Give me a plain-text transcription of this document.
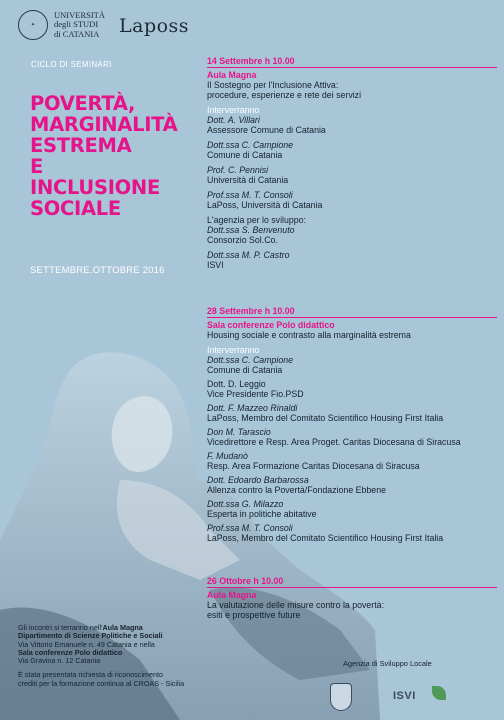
✦
UNIVERSITÀ
degli STUDI
di CATANIA Laposs
CICLO DI SEMINARI
POVERTÀ,
MARGINALITÀ
ESTREMA
E
INCLUSIONE
SOCIALE
SETTEMBRE.OTTOBRE 2016
14 Settembre h 10.00
Aula Magna
Il Sostegno per l'Inclusione Attiva:
procedure, esperienze e rete dei servizi
Interverranno
Dott. A. Villari
Assessore Comune di Catania
Dott.ssa C. Campione
Comune di Catania
Prof. C. Pennisi
Università di Catania
Prof.ssa M. T. Consoli
LaPoss, Università di Catania
L'agenzia per lo sviluppo:
Dott.ssa S. Benvenuto
Consorzio Sol.Co.
Dott.ssa M. P. Castro
ISVI
28 Settembre h 10.00
Sala conferenze Polo didattico
Housing sociale e contrasto alla marginalità estrema
Interverranno
Dott.ssa C. Campione
Comune di Catania
Dott. D. Leggio
Vice Presidente Fio.PSD
Dott. F. Mazzeo Rinaldi
LaPoss, Membro del Comitato Scientifico Housing First Italia
Don M. Tarascio
Vicedirettore e Resp. Area Proget. Caritas Diocesana di Siracusa
F. Mudanò
Resp. Area Formazione Caritas Diocesana di Siracusa
Dott. Edoardo Barbarossa
Allenza contro la Povertà/Fondazione Ebbene
Dott.ssa G. Milazzo
Esperta in politiche abitative
Prof.ssa M. T. Consoli
LaPoss, Membro del Comitato Scientifico Housing First Italia
26 Ottobre h 10.00
Aula Magna
La valutazione delle misure contro la povertà:
esiti e prospettive future
Gli incontri si terranno nell'Aula Magna
Dipartimento di Scienze Politiche e Sociali
Via Vittorio Emanuele n. 49 Catania e nella
Sala conferenze Polo didattico
Via Gravina n. 12 Catania
È stata presentata richiesta di riconoscimento
crediti per la formazione continua al CROAS - Sicilia
Agenzia di Sviluppo Locale
ISVI
